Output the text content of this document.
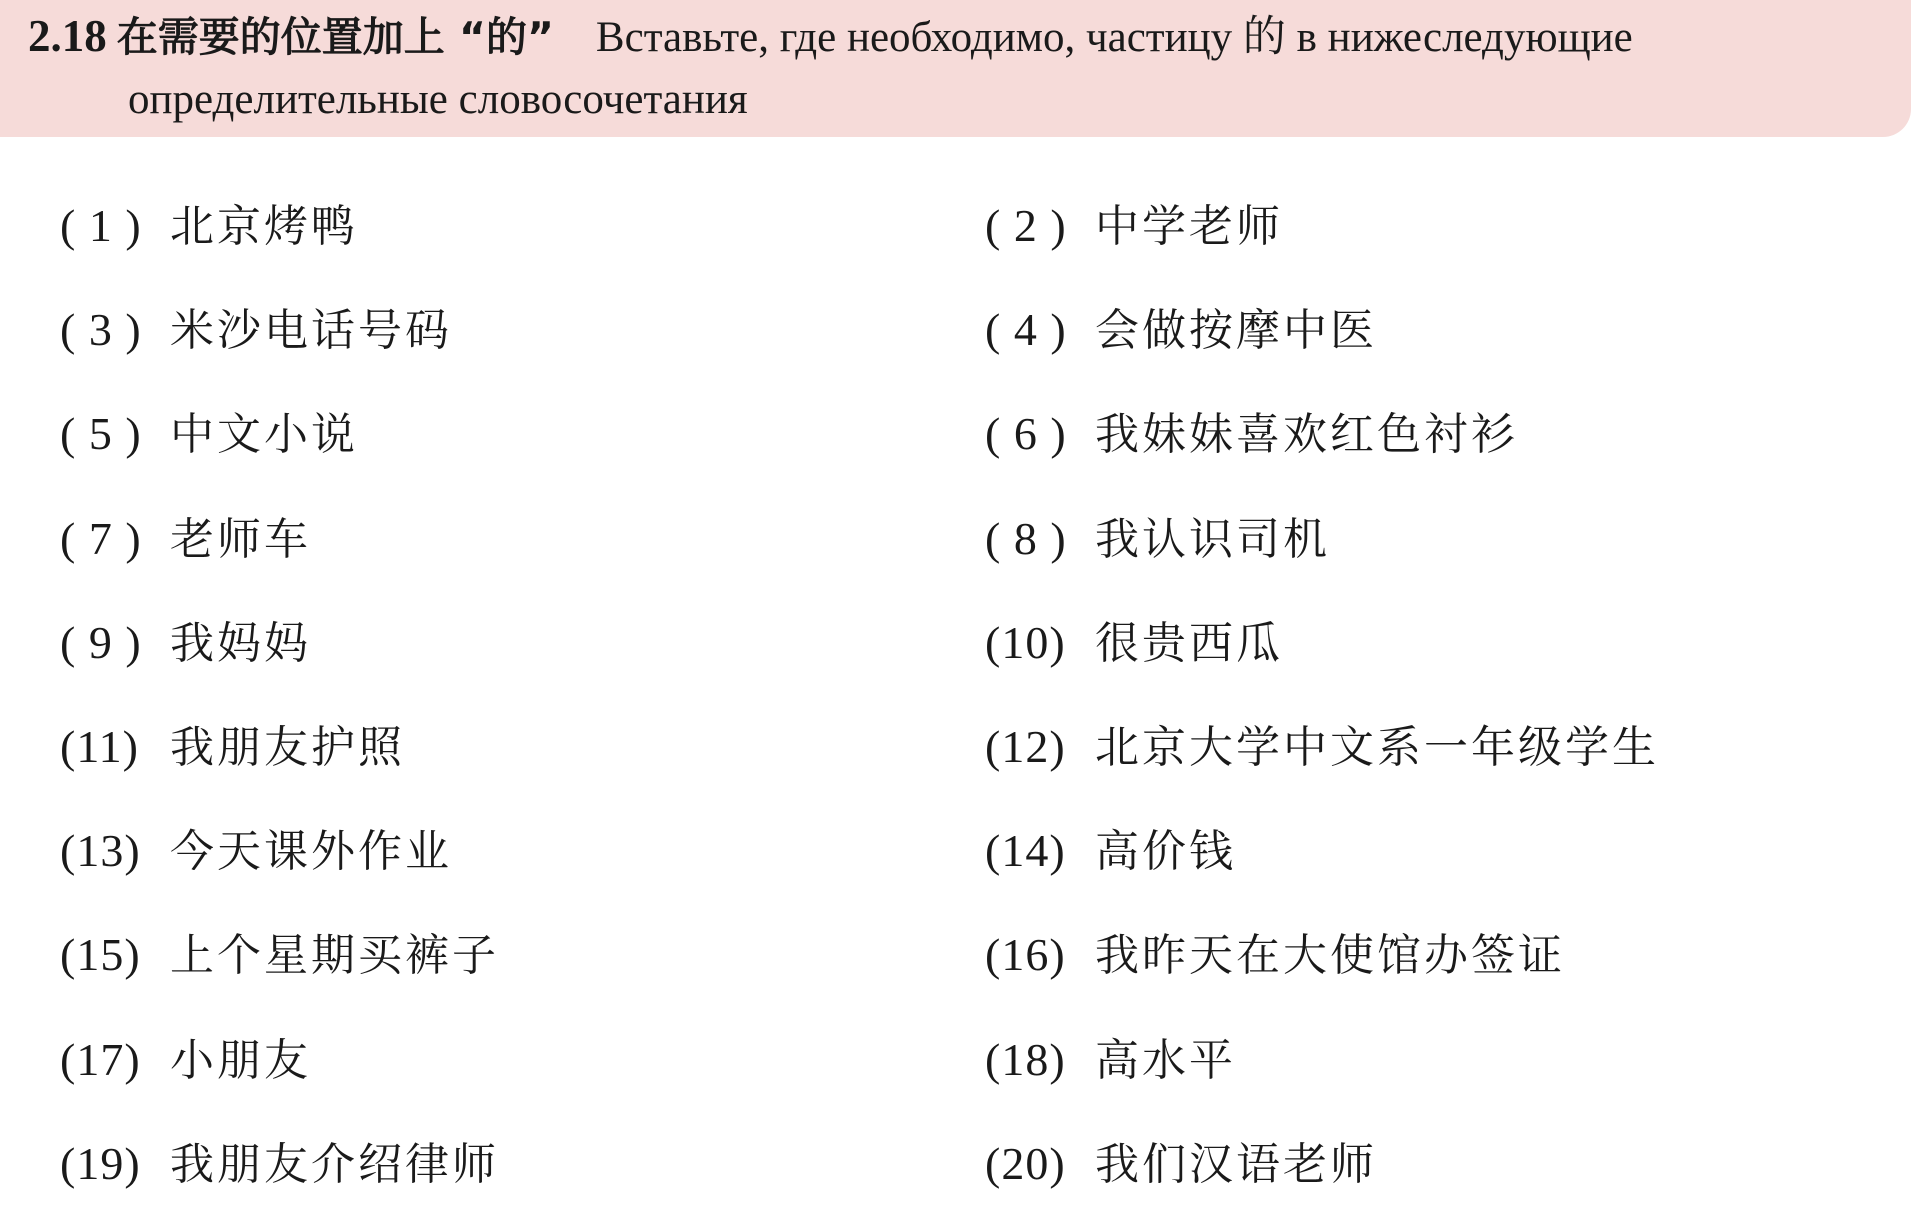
2.18 在需要的位置加上 “的” Вставьте, где необходимо, частицу 的 в нижеследующие
определительные словосочетания
( 1 ) 北京烤鸭	( 2 ) 中学老师
( 3 ) 米沙电话号码	( 4 ) 会做按摩中医
( 5 ) 中文小说	( 6 ) 我妹妹喜欢红色衬衫
( 7 ) 老师车	( 8 ) 我认识司机
( 9 ) 我妈妈	(10) 很贵西瓜
(11) 我朋友护照	(12) 北京大学中文系一年级学生
(13) 今天课外作业	(14) 高价钱
(15) 上个星期买裤子	(16) 我昨天在大使馆办签证
(17) 小朋友	(18) 高水平
(19) 我朋友介绍律师	(20) 我们汉语老师
